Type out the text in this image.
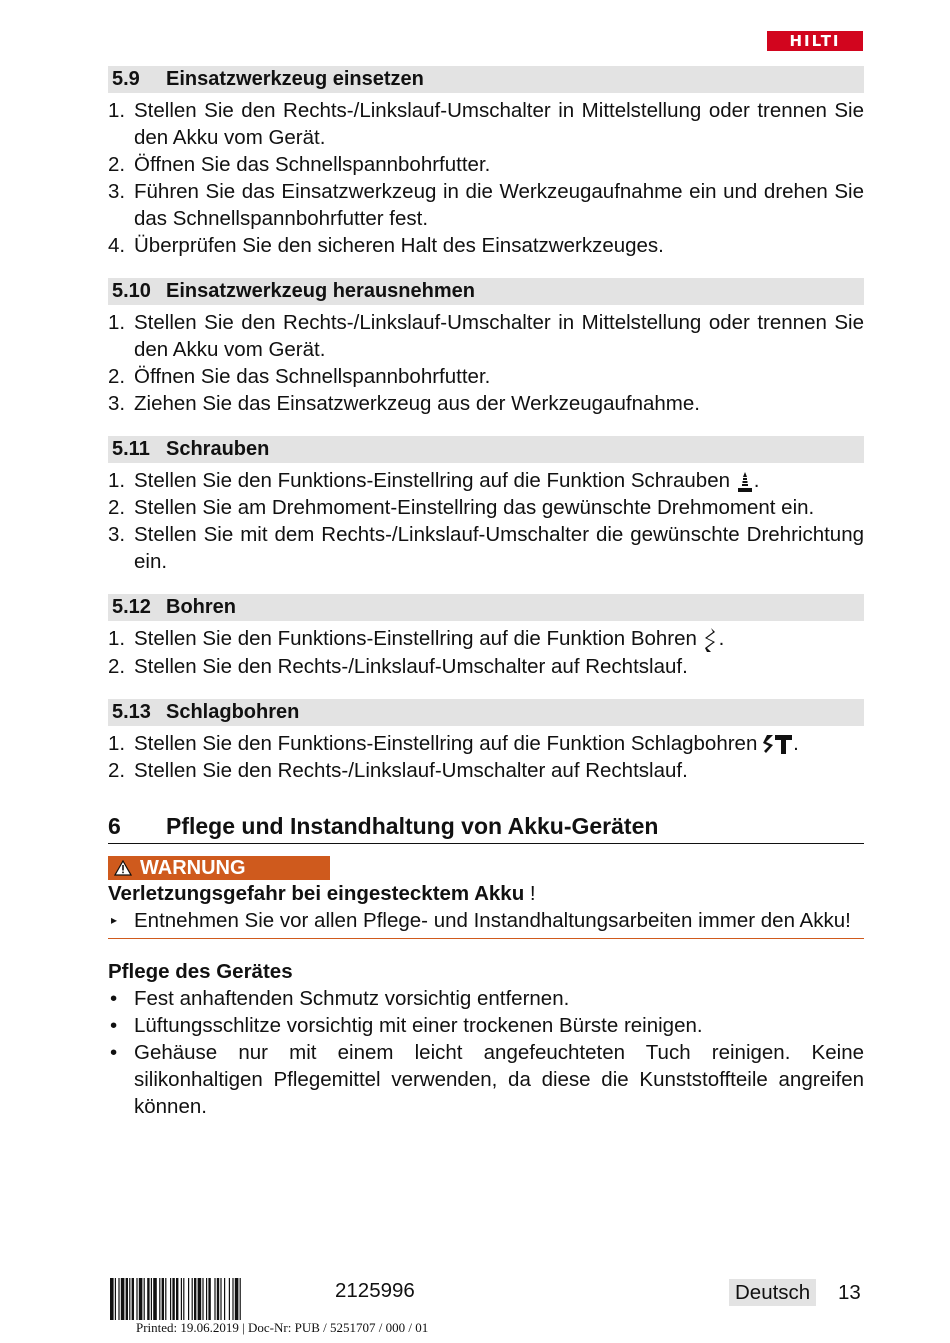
HILTI
5.9 Einsatzwerkzeug einsetzen
1. Stellen Sie den Rechts-/Linkslauf-Umschalter in Mittelstellung oder trennen Sie den Akku vom Gerät.
2. Öffnen Sie das Schnellspannbohrfutter.
3. Führen Sie das Einsatzwerkzeug in die Werkzeugaufnahme ein und drehen Sie das Schnellspannbohrfutter fest.
4. Überprüfen Sie den sicheren Halt des Einsatzwerkzeuges.
5.10 Einsatzwerkzeug herausnehmen
1. Stellen Sie den Rechts-/Linkslauf-Umschalter in Mittelstellung oder trennen Sie den Akku vom Gerät.
2. Öffnen Sie das Schnellspannbohrfutter.
3. Ziehen Sie das Einsatzwerkzeug aus der Werkzeugaufnahme.
5.11 Schrauben
1. Stellen Sie den Funktions-Einstellring auf die Funktion Schrauben .
2. Stellen Sie am Drehmoment-Einstellring das gewünschte Drehmoment ein.
3. Stellen Sie mit dem Rechts-/Linkslauf-Umschalter die gewünschte Drehrichtung ein.
5.12 Bohren
1. Stellen Sie den Funktions-Einstellring auf die Funktion Bohren .
2. Stellen Sie den Rechts-/Linkslauf-Umschalter auf Rechtslauf.
5.13 Schlagbohren
1. Stellen Sie den Funktions-Einstellring auf die Funktion Schlagbohren .
2. Stellen Sie den Rechts-/Linkslauf-Umschalter auf Rechtslauf.
6 Pflege und Instandhaltung von Akku-Geräten
WARNUNG
Verletzungsgefahr bei eingestecktem Akku !
▸ Entnehmen Sie vor allen Pflege- und Instandhaltungsarbeiten immer den Akku!
Pflege des Gerätes
• Fest anhaftenden Schmutz vorsichtig entfernen.
• Lüftungsschlitze vorsichtig mit einer trockenen Bürste reinigen.
• Gehäuse nur mit einem leicht angefeuchteten Tuch reinigen. Keine silikonhaltigen Pflegemittel verwenden, da diese die Kunststoffteile angreifen können.
2125996	Deutsch 13
Printed: 19.06.2019 | Doc-Nr: PUB / 5251707 / 000 / 01
